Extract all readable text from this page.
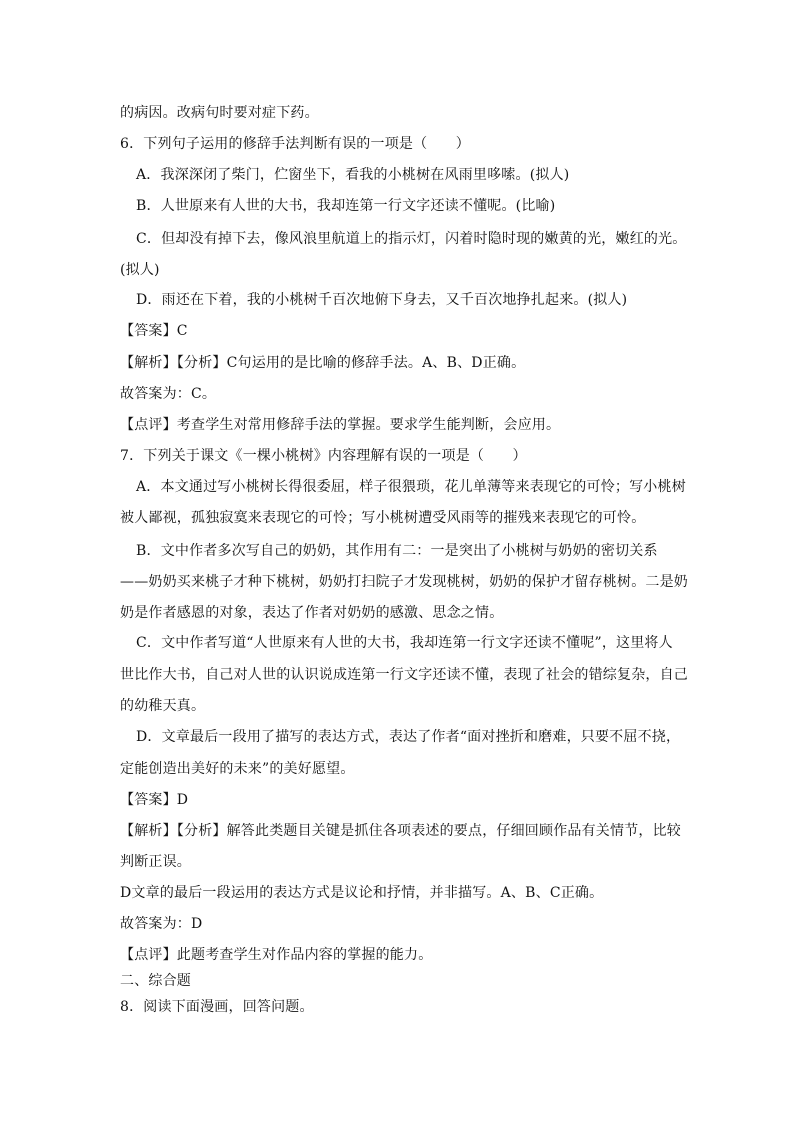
的病因。改病句时要对症下药。
6．下列句子运用的修辞手法判断有误的一项是（　　）
A．我深深闭了柴门，伫窗坐下，看我的小桃树在风雨里哆嗦。(拟人)
B．人世原来有人世的大书，我却连第一行文字还读不懂呢。(比喻)
C．但却没有掉下去，像风浪里航道上的指示灯，闪着时隐时现的嫩黄的光，嫩红的光。
(拟人)
D．雨还在下着，我的小桃树千百次地俯下身去，又千百次地挣扎起来。(拟人)
【答案】C
【解析】【分析】C句运用的是比喻的修辞手法。A、B、D正确。
故答案为：C。
【点评】考查学生对常用修辞手法的掌握。要求学生能判断，会应用。
7．下列关于课文《一棵小桃树》内容理解有误的一项是（　　）
A．本文通过写小桃树长得很委屈，样子很猥琐，花儿单薄等来表现它的可怜；写小桃树
被人鄙视，孤独寂寞来表现它的可怜；写小桃树遭受风雨等的摧残来表现它的可怜。
B．文中作者多次写自己的奶奶，其作用有二：一是突出了小桃树与奶奶的密切关系
——奶奶买来桃子才种下桃树，奶奶打扫院子才发现桃树，奶奶的保护才留存桃树。二是奶
奶是作者感恩的对象，表达了作者对奶奶的感激、思念之情。
C．文中作者写道“人世原来有人世的大书，我却连第一行文字还读不懂呢”，这里将人
世比作大书，自己对人世的认识说成连第一行文字还读不懂，表现了社会的错综复杂，自己
的幼稚天真。
D．文章最后一段用了描写的表达方式，表达了作者“面对挫折和磨难，只要不屈不挠，
定能创造出美好的未来”的美好愿望。
【答案】D
【解析】【分析】解答此类题目关键是抓住各项表述的要点，仔细回顾作品有关情节，比较
判断正误。
D文章的最后一段运用的表达方式是议论和抒情，并非描写。A、B、C正确。
故答案为：D
【点评】此题考查学生对作品内容的掌握的能力。
二、综合题
8．阅读下面漫画，回答问题。
